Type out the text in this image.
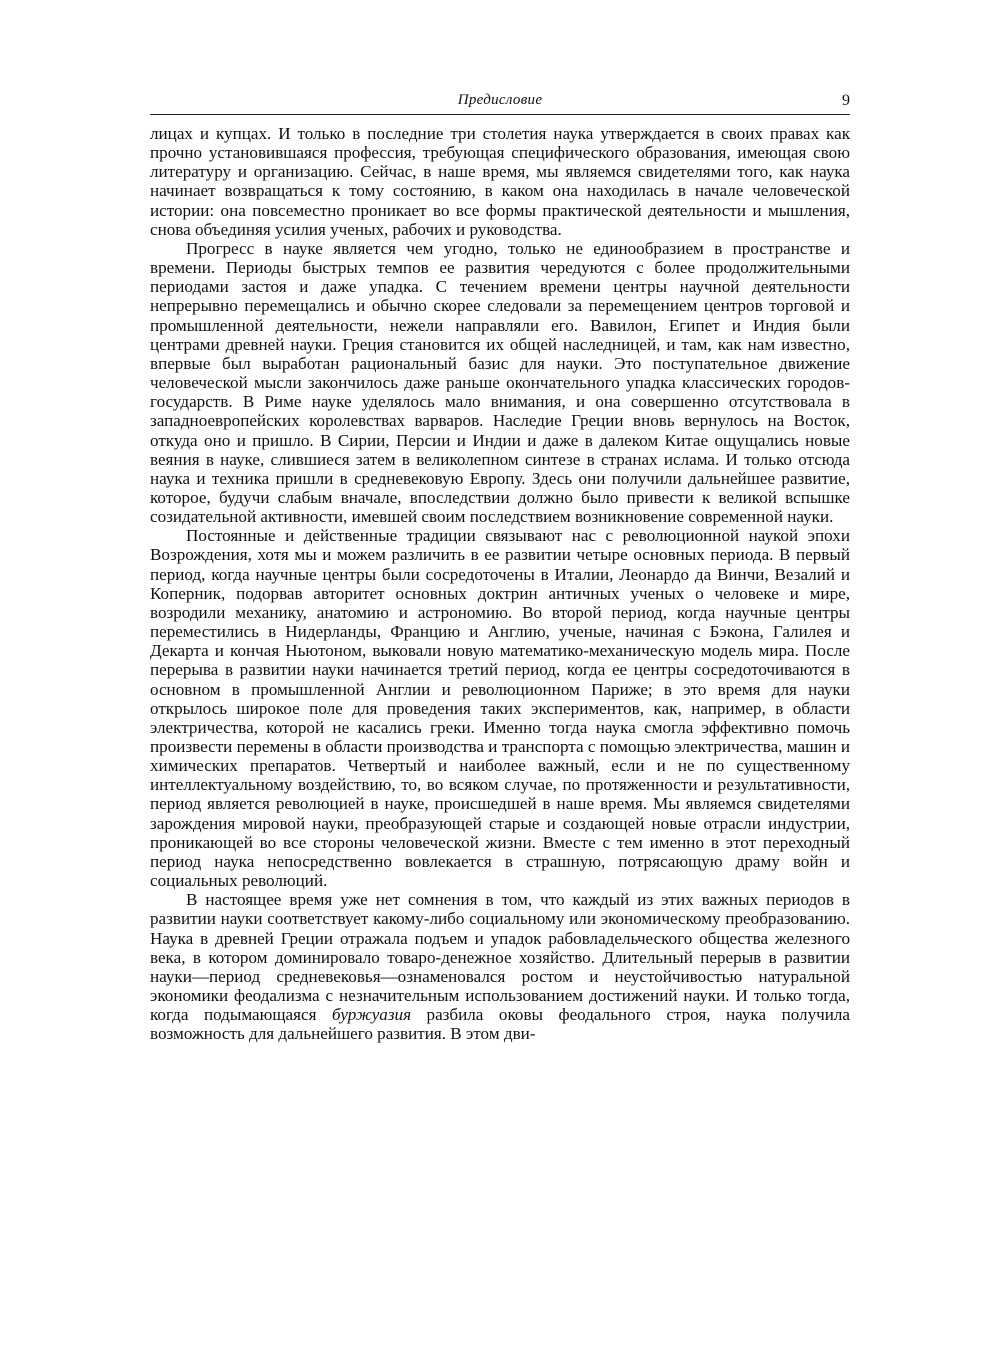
Предисловие	9

лицах и купцах. И только в последние три столетия наука утверждается в своих правах как прочно установившаяся профессия, требующая специфического образования, имеющая свою литературу и организацию. Сейчас, в наше время, мы являемся свидетелями того, как наука начинает возвращаться к тому состоянию, в каком она находилась в начале человеческой истории: она повсеместно проникает во все формы практической деятельности и мышления, снова объединяя усилия ученых, рабочих и руководства.

Прогресс в науке является чем угодно, только не единообразием в пространстве и времени. Периоды быстрых темпов ее развития чередуются с более продолжительными периодами застоя и даже упадка. С течением времени центры научной деятельности непрерывно перемещались и обычно скорее следовали за перемещением центров торговой и промышленной деятельности, нежели направляли его. Вавилон, Египет и Индия были центрами древней науки. Греция становится их общей наследницей, и там, как нам известно, впервые был выработан рациональный базис для науки. Это поступательное движение человеческой мысли закончилось даже раньше окончательного упадка классических городов-государств. В Риме науке уделялось мало внимания, и она совершенно отсутствовала в западноевропейских королевствах варваров. Наследие Греции вновь вернулось на Восток, откуда оно и пришло. В Сирии, Персии и Индии и даже в далеком Китае ощущались новые веяния в науке, слившиеся затем в великолепном синтезе в странах ислама. И только отсюда наука и техника пришли в средневековую Европу. Здесь они получили дальнейшее развитие, которое, будучи слабым вначале, впоследствии должно было привести к великой вспышке созидательной активности, имевшей своим последствием возникновение современной науки.

Постоянные и действенные традиции связывают нас с революционной наукой эпохи Возрождения, хотя мы и можем различить в ее развитии четыре основных периода. В первый период, когда научные центры были сосредоточены в Италии, Леонардо да Винчи, Везалий и Коперник, подорвав авторитет основных доктрин античных ученых о человеке и мире, возродили механику, анатомию и астрономию. Во второй период, когда научные центры переместились в Нидерланды, Францию и Англию, ученые, начиная с Бэкона, Галилея и Декарта и кончая Ньютоном, выковали новую математико-механическую модель мира. После перерыва в развитии науки начинается третий период, когда ее центры сосредоточиваются в основном в промышленной Англии и революционном Париже; в это время для науки открылось широкое поле для проведения таких экспериментов, как, например, в области электричества, которой не касались греки. Именно тогда наука смогла эффективно помочь произвести перемены в области производства и транспорта с помощью электричества, машин и химических препаратов. Четвертый и наиболее важный, если и не по существенному интеллектуальному воздействию, то, во всяком случае, по протяженности и результативности, период является революцией в науке, происшедшей в наше время. Мы являемся свидетелями зарождения мировой науки, преобразующей старые и создающей новые отрасли индустрии, проникающей во все стороны человеческой жизни. Вместе с тем именно в этот переходный период наука непосредственно вовлекается в страшную, потрясающую драму войн и социальных революций.

В настоящее время уже нет сомнения в том, что каждый из этих важных периодов в развитии науки соответствует какому-либо социальному или экономическому преобразованию. Наука в древней Греции отражала подъем и упадок рабовладельческого общества железного века, в котором доминировало товаро-денежное хозяйство. Длительный перерыв в развитии науки—период средневековья—ознаменовался ростом и неустойчивостью натуральной экономики феодализма с незначительным использованием достижений науки. И только тогда, когда подымающаяся буржуазия разбила оковы феодального строя, наука получила возможность для дальнейшего развития. В этом дви-
